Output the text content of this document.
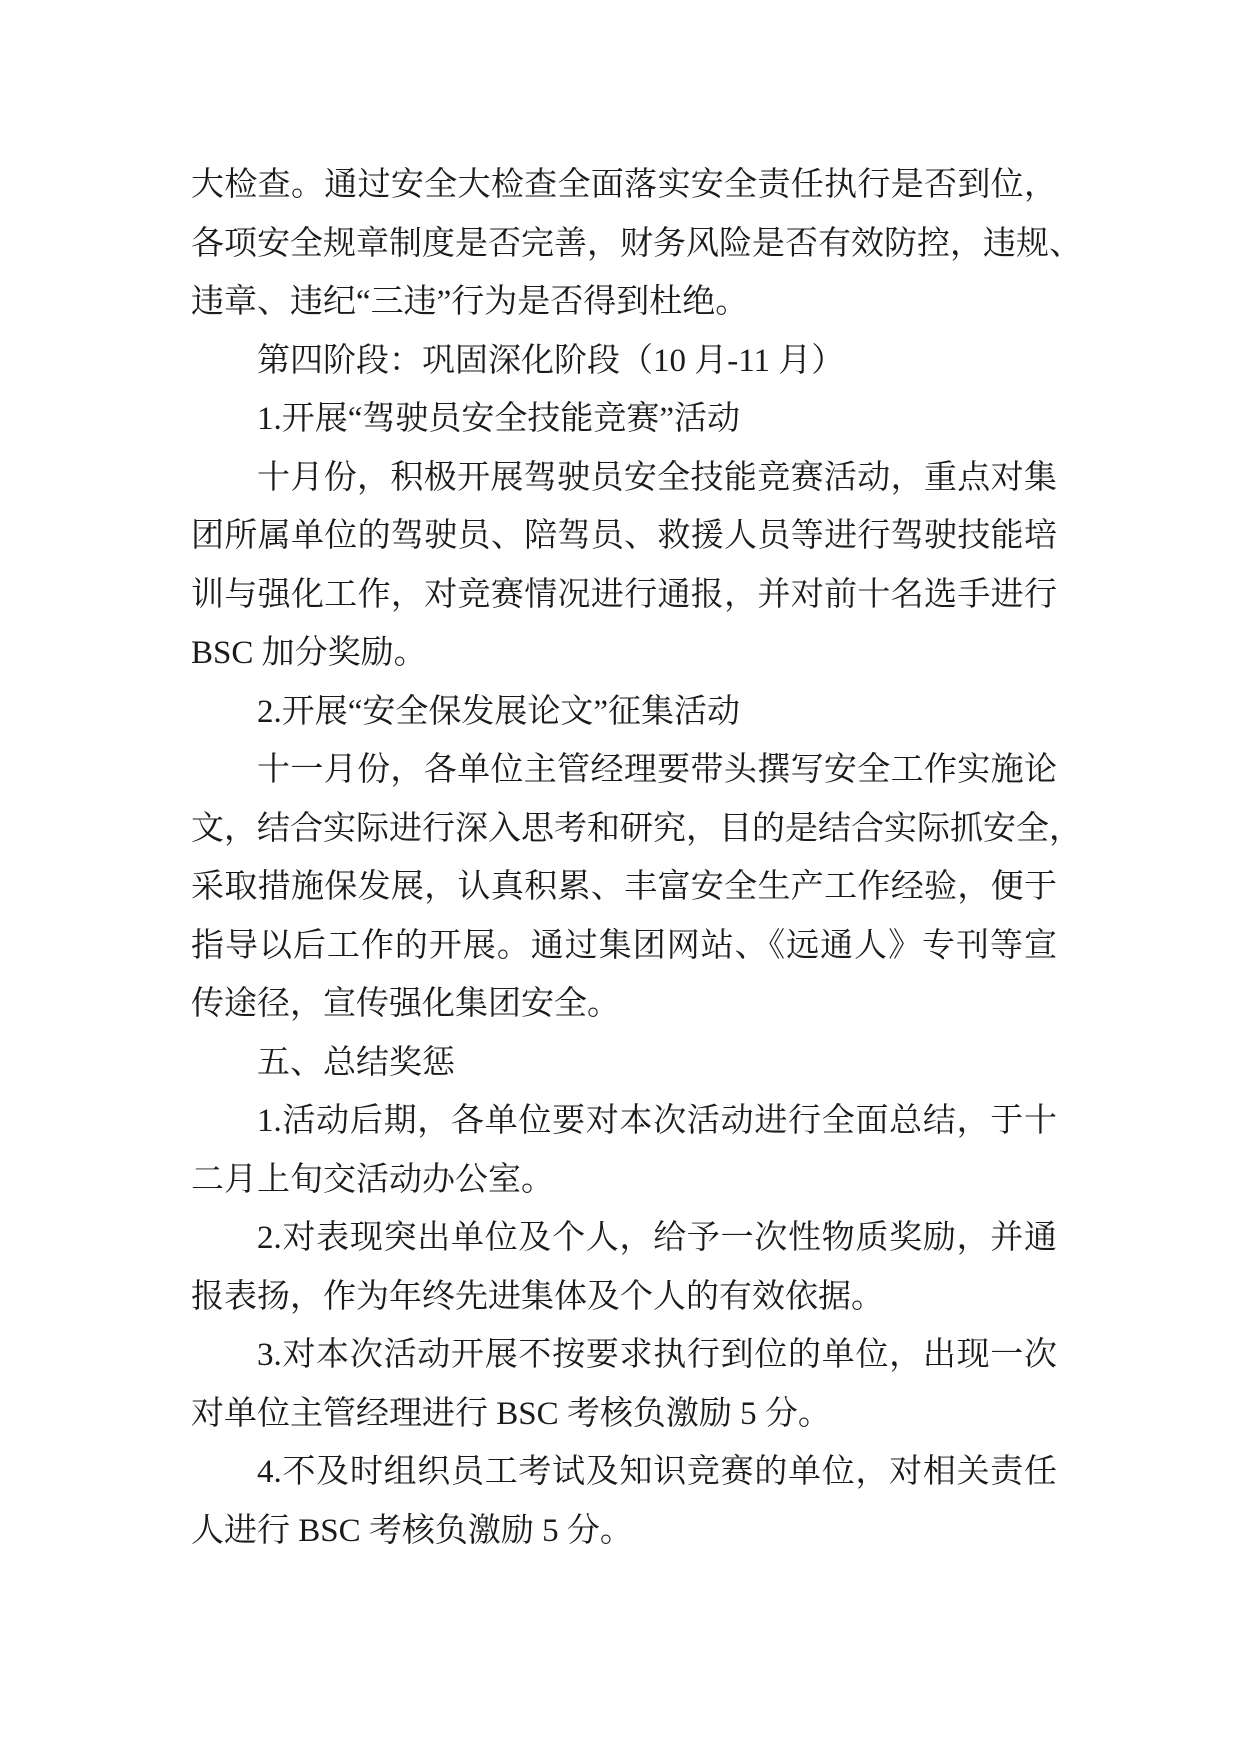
大检查。通过安全大检查全面落实安全责任执行是否到位，
各项安全规章制度是否完善，财务风险是否有效防控，违规、
违章、违纪“三违”行为是否得到杜绝。
第四阶段：巩固深化阶段（10 月-11 月）
1.开展“驾驶员安全技能竞赛”活动
十月份，积极开展驾驶员安全技能竞赛活动，重点对集
团所属单位的驾驶员、陪驾员、救援人员等进行驾驶技能培
训与强化工作，对竞赛情况进行通报，并对前十名选手进行
BSC 加分奖励。
2.开展“安全保发展论文”征集活动
十一月份，各单位主管经理要带头撰写安全工作实施论
文，结合实际进行深入思考和研究，目的是结合实际抓安全，
采取措施保发展，认真积累、丰富安全生产工作经验，便于
指导以后工作的开展。通过集团网站、《远通人》专刊等宣
传途径，宣传强化集团安全。
五、总结奖惩
1.活动后期，各单位要对本次活动进行全面总结，于十
二月上旬交活动办公室。
2.对表现突出单位及个人，给予一次性物质奖励，并通
报表扬，作为年终先进集体及个人的有效依据。
3.对本次活动开展不按要求执行到位的单位，出现一次
对单位主管经理进行 BSC 考核负激励 5 分。
4.不及时组织员工考试及知识竞赛的单位，对相关责任
人进行 BSC 考核负激励 5 分。
